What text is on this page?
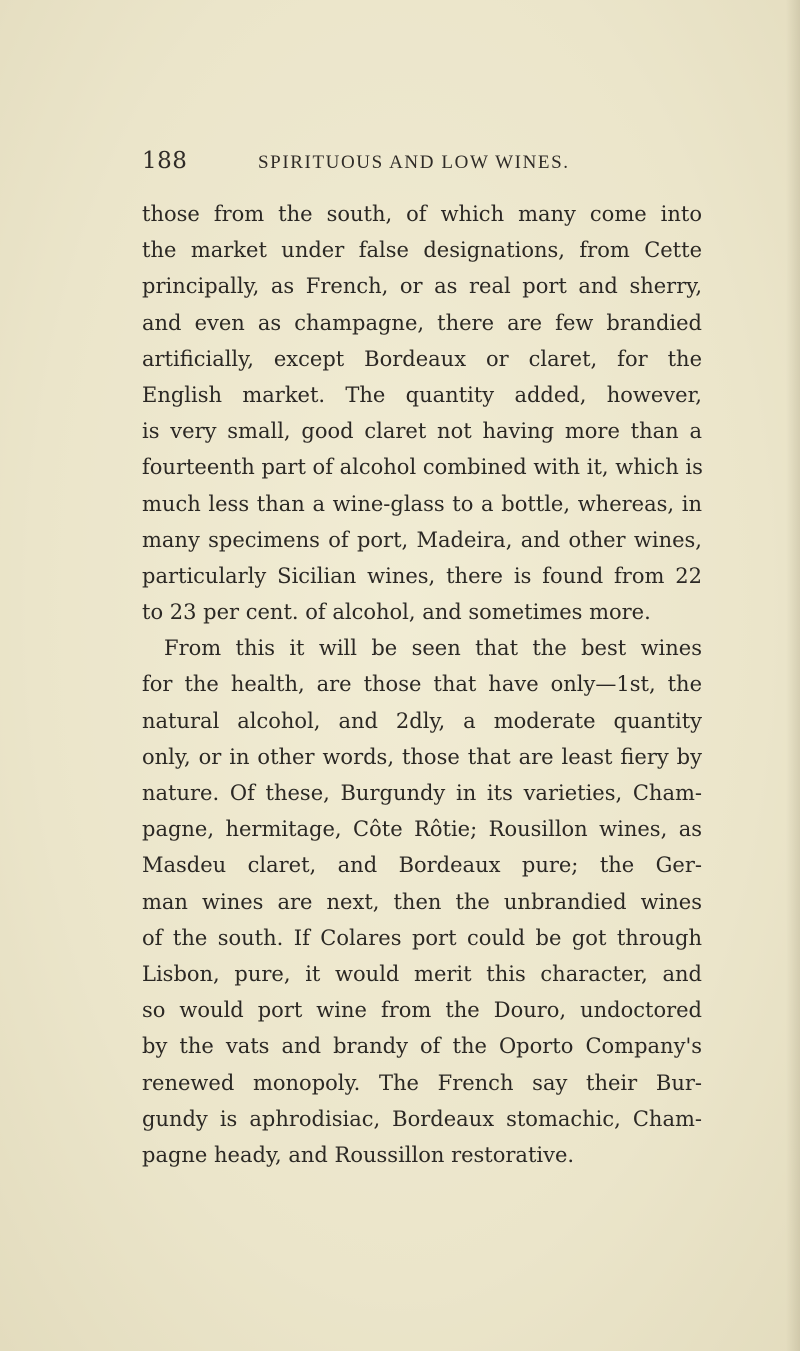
188	SPIRITUOUS AND LOW WINES.
those from the south, of which many come into
the market under false designations, from Cette
principally, as French, or as real port and sherry,
and even as champagne, there are few brandied
artificially, except Bordeaux or claret, for the
English market. The quantity added, however,
is very small, good claret not having more than a
fourteenth part of alcohol combined with it, which is
much less than a wine-glass to a bottle, whereas, in
many specimens of port, Madeira, and other wines,
particularly Sicilian wines, there is found from 22
to 23 per cent. of alcohol, and sometimes more.
From this it will be seen that the best wines
for the health, are those that have only—1st, the
natural alcohol, and 2dly, a moderate quantity
only, or in other words, those that are least fiery by
nature. Of these, Burgundy in its varieties, Cham-
pagne, hermitage, Côte Rôtie; Rousillon wines, as
Masdeu claret, and Bordeaux pure; the Ger-
man wines are next, then the unbrandied wines
of the south. If Colares port could be got through
Lisbon, pure, it would merit this character, and
so would port wine from the Douro, undoctored
by the vats and brandy of the Oporto Company's
renewed monopoly. The French say their Bur-
gundy is aphrodisiac, Bordeaux stomachic, Cham-
pagne heady, and Roussillon restorative.
